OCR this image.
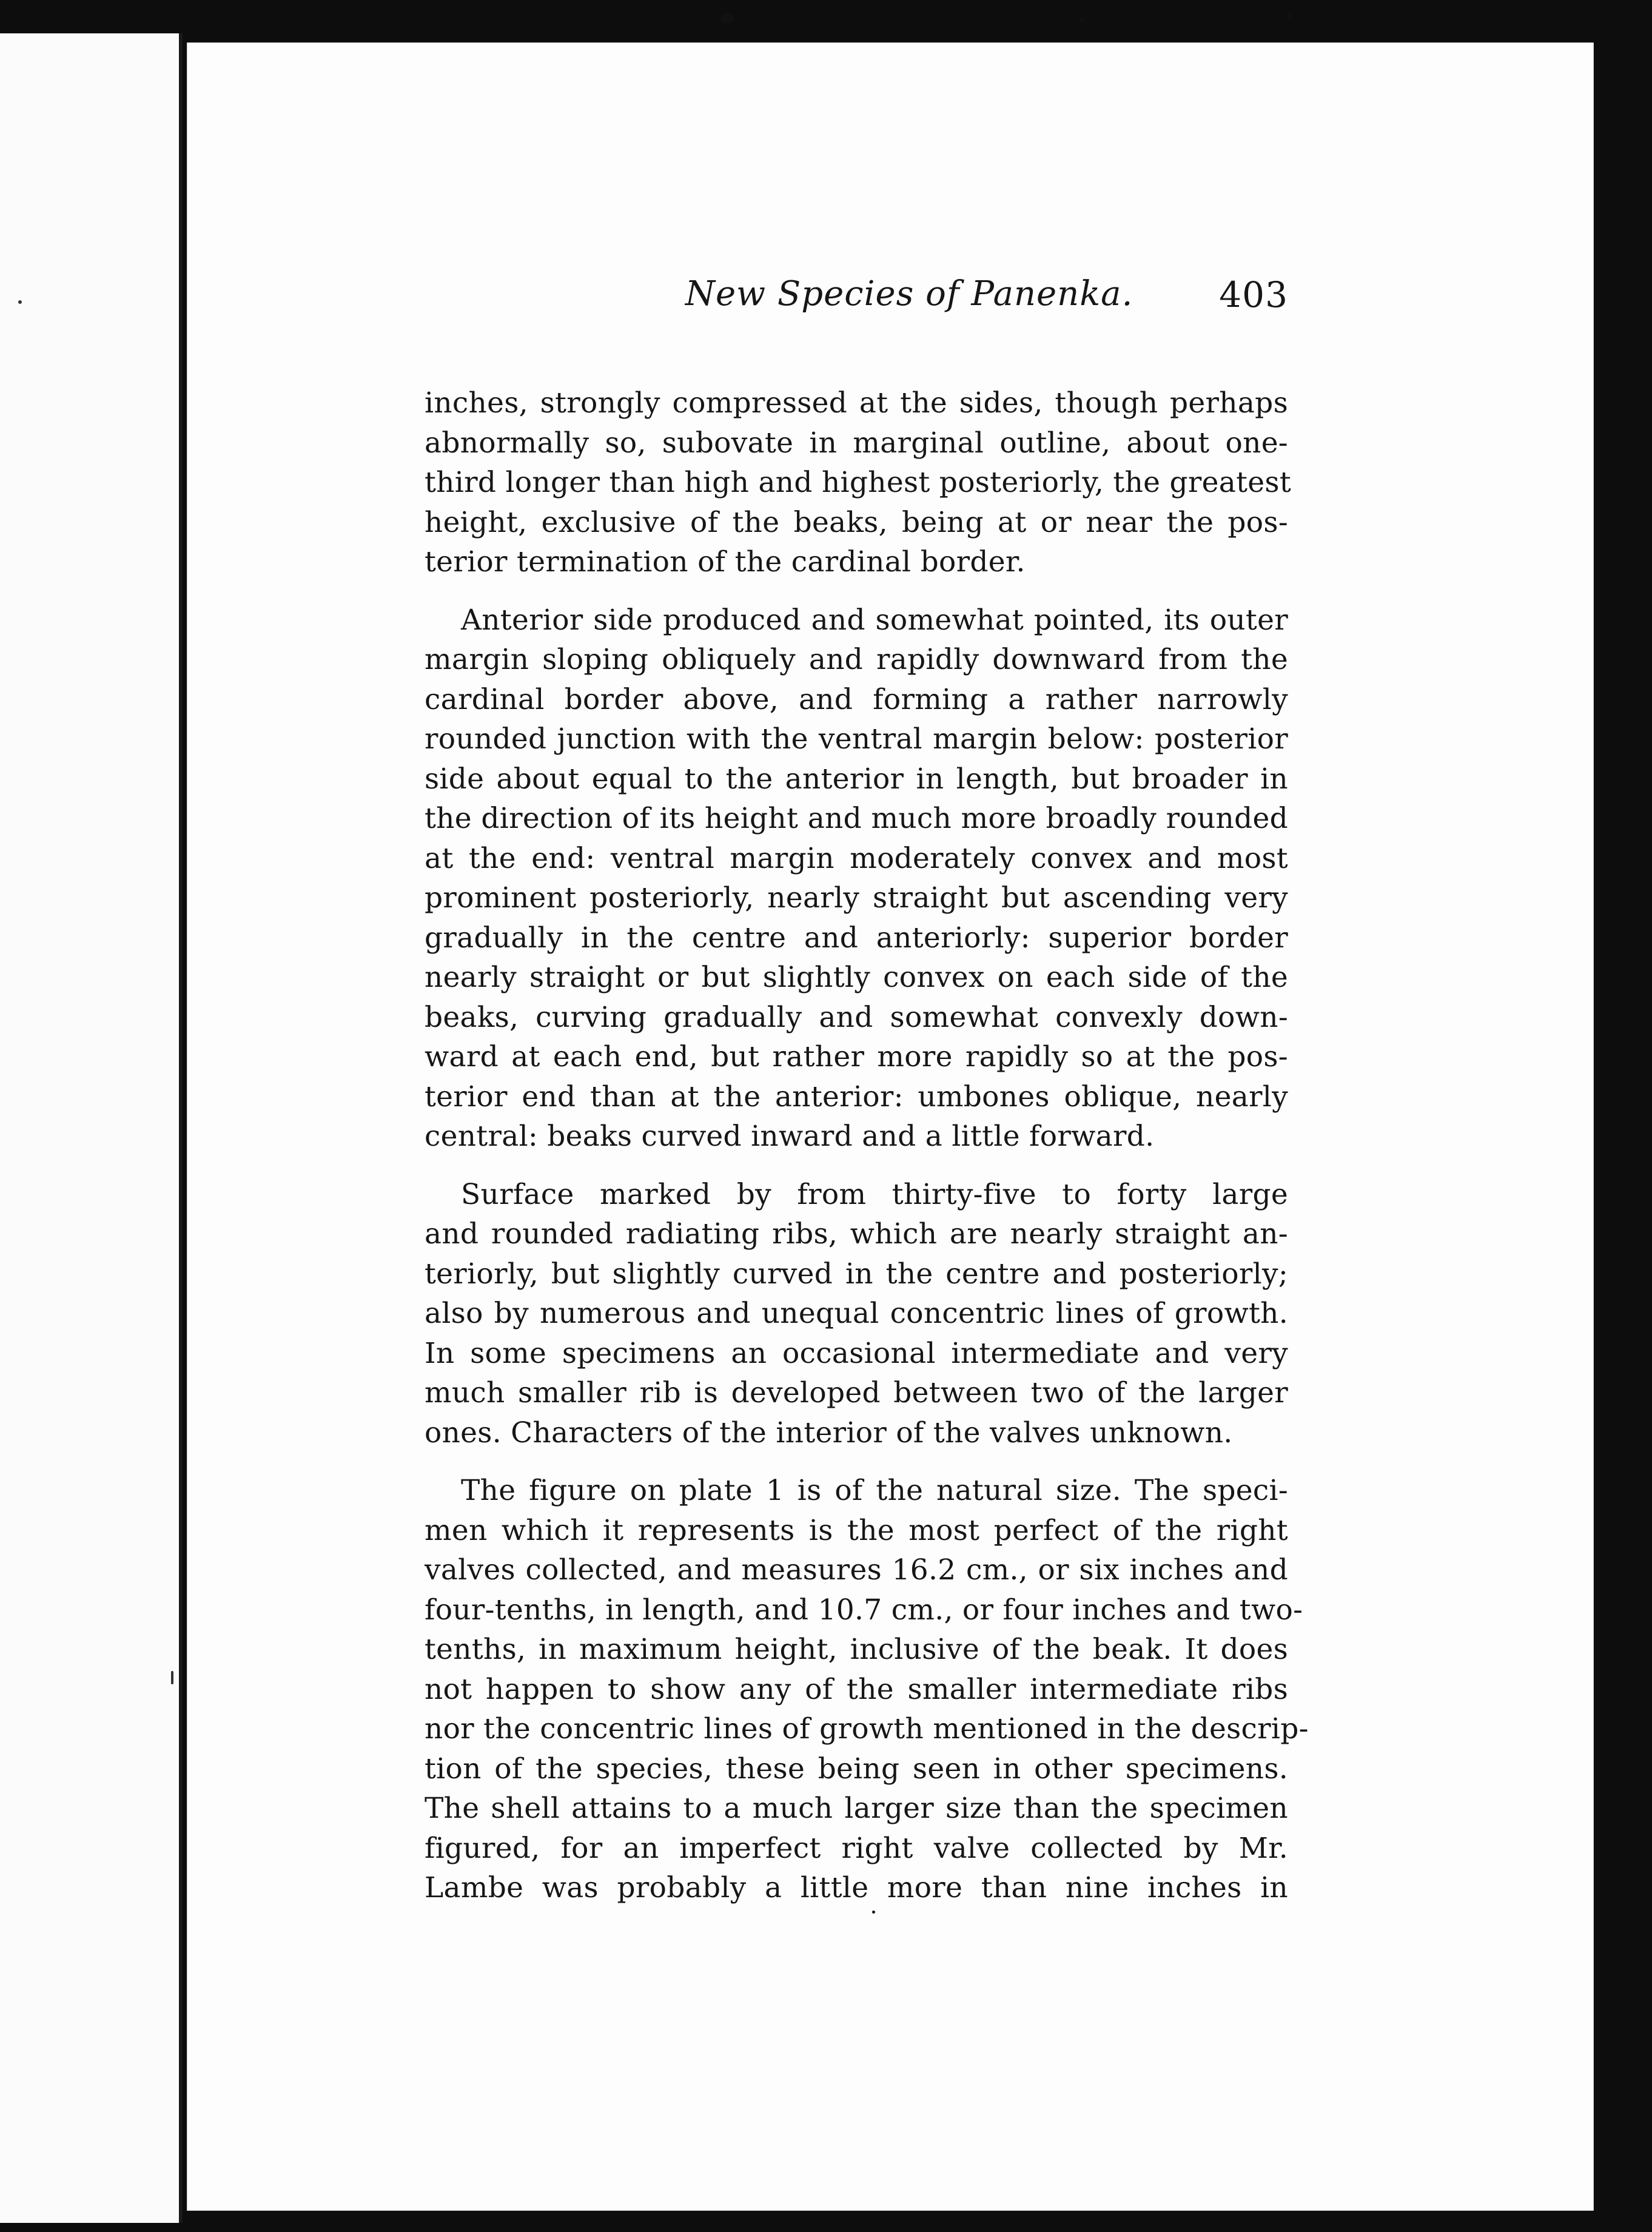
New Species of Panenka. 403

inches, strongly compressed at the sides, though perhaps
abnormally so, subovate in marginal outline, about one-
third longer than high and highest posteriorly, the greatest
height, exclusive of the beaks, being at or near the pos-
terior termination of the cardinal border.

Anterior side produced and somewhat pointed, its outer
margin sloping obliquely and rapidly downward from the
cardinal border above, and forming a rather narrowly
rounded junction with the ventral margin below: posterior
side about equal to the anterior in length, but broader in
the direction of its height and much more broadly rounded
at the end: ventral margin moderately convex and most
prominent posteriorly, nearly straight but ascending very
gradually in the centre and anteriorly: superior border
nearly straight or but slightly convex on each side of the
beaks, curving gradually and somewhat convexly down-
ward at each end, but rather more rapidly so at the pos-
terior end than at the anterior: umbones oblique, nearly
central: beaks curved inward and a little forward.

Surface marked by from thirty-five to forty large
and rounded radiating ribs, which are nearly straight an-
teriorly, but slightly curved in the centre and posteriorly;
also by numerous and unequal concentric lines of growth.
In some specimens an occasional intermediate and very
much smaller rib is developed between two of the larger
ones. Characters of the interior of the valves unknown.

The figure on plate 1 is of the natural size. The speci-
men which it represents is the most perfect of the right
valves collected, and measures 16.2 cm., or six inches and
four-tenths, in length, and 10.7 cm., or four inches and two-
tenths, in maximum height, inclusive of the beak. It does
not happen to show any of the smaller intermediate ribs
nor the concentric lines of growth mentioned in the descrip-
tion of the species, these being seen in other specimens.
The shell attains to a much larger size than the specimen
figured, for an imperfect right valve collected by Mr.
Lambe was probably a little more than nine inches in
